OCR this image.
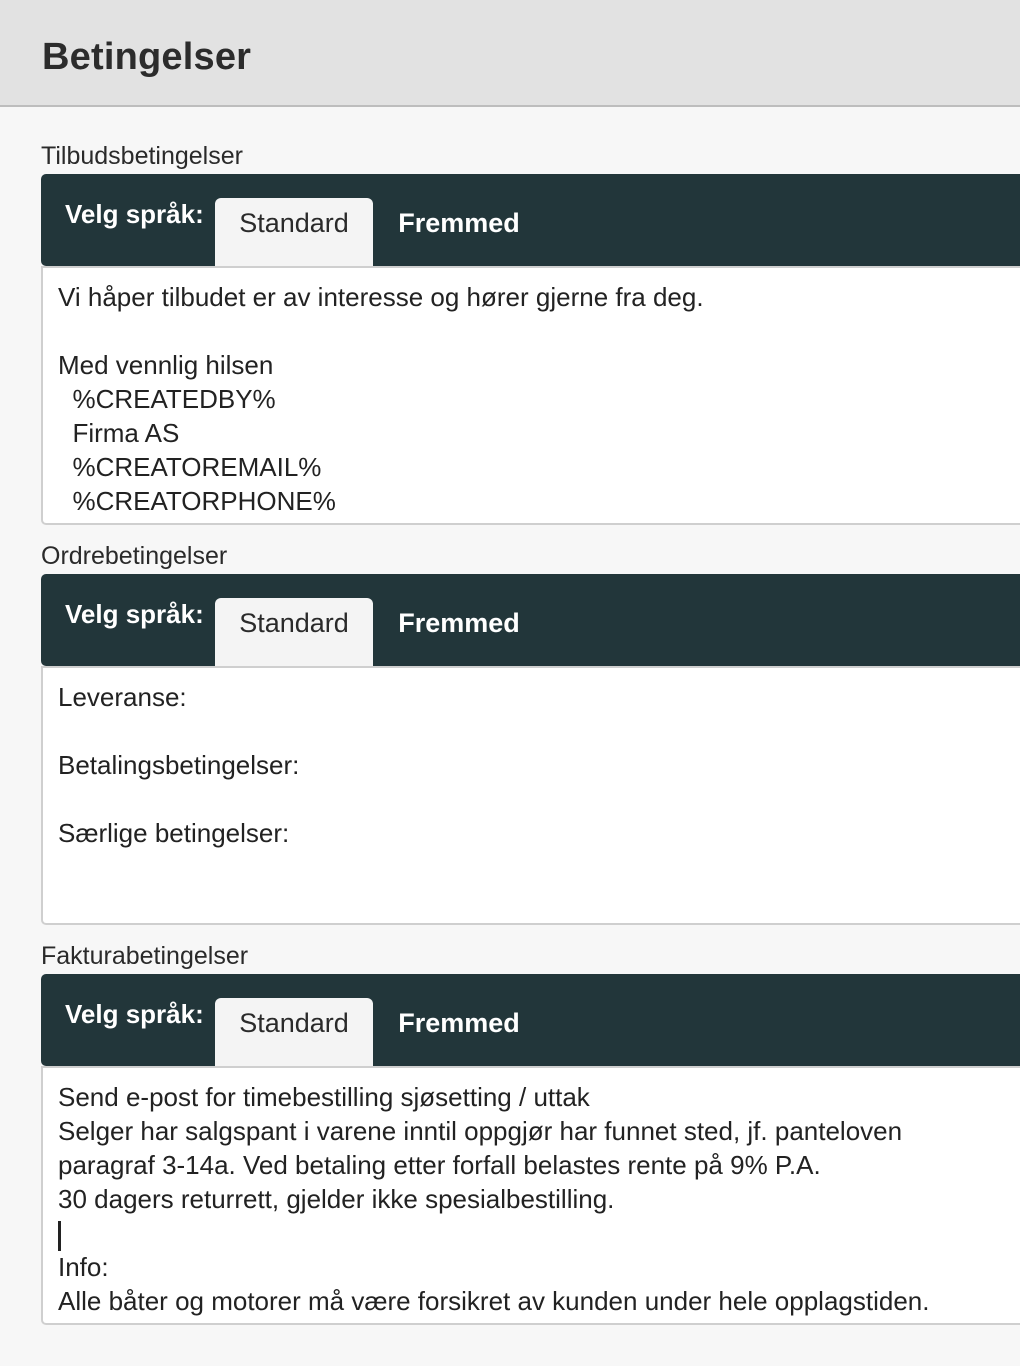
Betingelser
Tilbudsbetingelser
Velg språk:	Standard	Fremmed
Vi håper tilbudet er av interesse og hører gjerne fra deg.
Med vennlig hilsen
%CREATEDBY%
Firma AS
%CREATOREMAIL%
%CREATORPHONE%
Ordrebetingelser
Velg språk:	Standard	Fremmed
Leveranse:
Betalingsbetingelser:
Særlige betingelser:
Fakturabetingelser
Velg språk:	Standard	Fremmed
Send e-post for timebestilling sjøsetting / uttak
Selger har salgspant i varene inntil oppgjør har funnet sted, jf. panteloven
paragraf 3-14a. Ved betaling etter forfall belastes rente på 9% P.A.
30 dagers returrett, gjelder ikke spesialbestilling.
Info:
Alle båter og motorer må være forsikret av kunden under hele opplagstiden.
